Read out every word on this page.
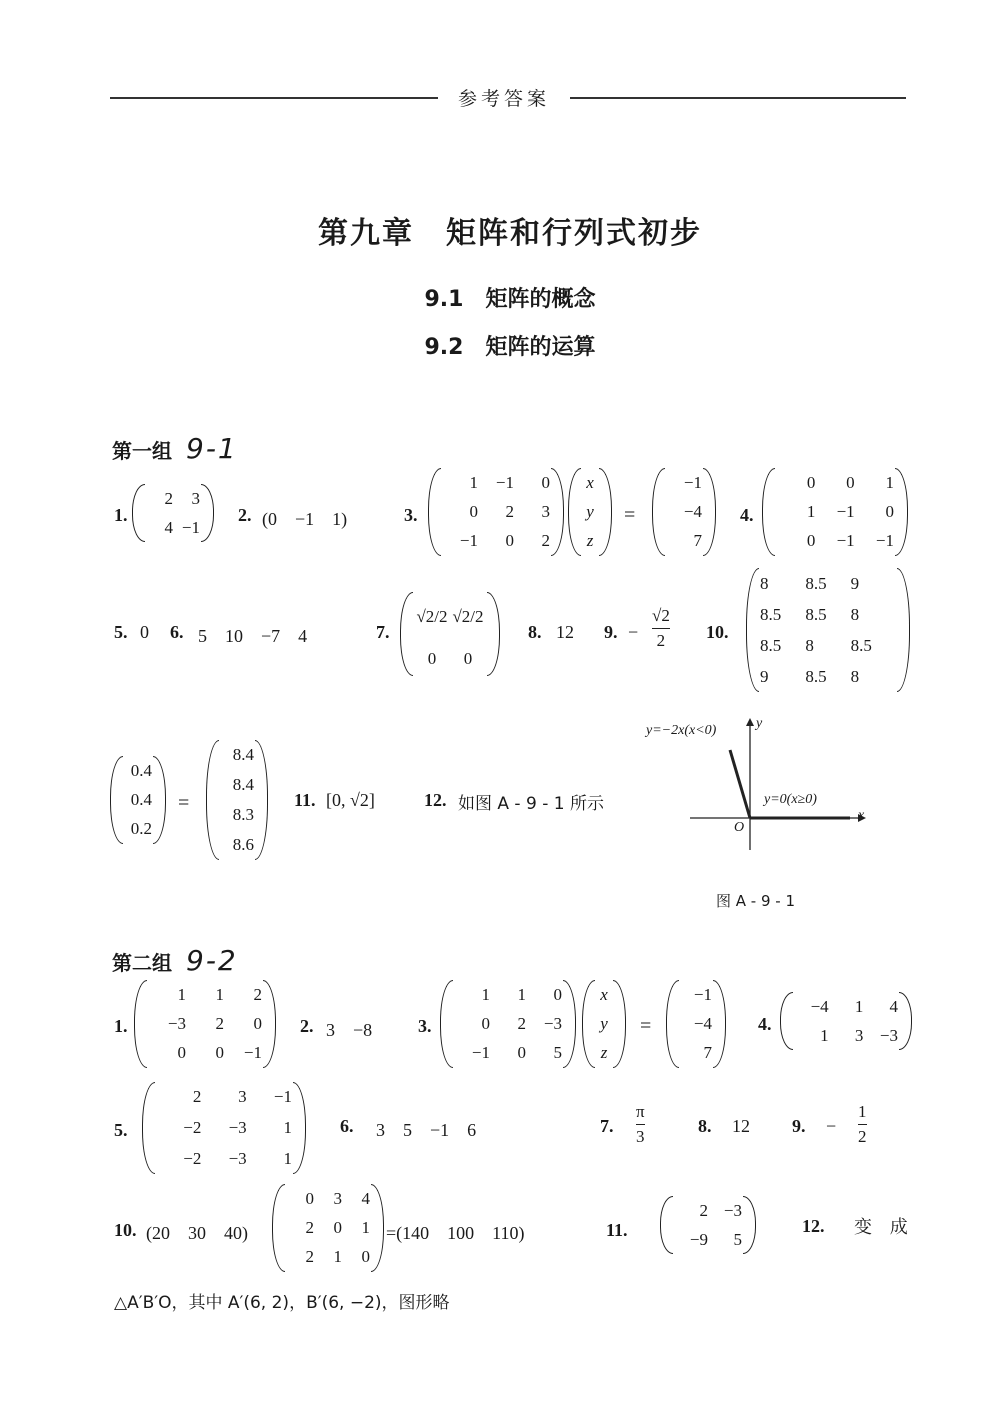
参考答案
第九章　矩阵和行列式初步
9.1　矩阵的概念
9.2　矩阵的运算
第一组 9-1
1.
2 3
4 −1
2. (0　−1　1)	3.
1 −1 0
0 2 3
−1 0 2
x
y
z
=
−1
−4
7
4.
0 0 1
1 −1 0
0 −1 −1
5. 0 6. 5　10　−7　4	7.
√2/2 √2/2
0 0
8. 12 9. −
√2
2 10.
8 8.5 9
8.5 8.5 8
8.5 8 8.5
9 8.5 8
0.4
0.4
0.2
=
8.4
8.4
8.3
8.6
11. [0, √2]	12. 如图 A - 9 - 1 所示
y=−2x(x<0)
y=0(x≥0)
x
y
O
图 A - 9 - 1
第二组 9-2
1.
1 1 2
−3 2 0
0 0 −1
2. 3　−8	3.
1 1 0
0 2 −3
−1 0 5
x
y
z
=
−1
−4
7
4.
−4 1 4
1 3 −3
5.
2 3 −1
−2 −3 1
−2 −3 1
6. 3　5　−1　6	7.
π
3
8. 12 9. −
1
2
10. (20　30　40)
0 3 4
2 0 1
2 1 0
=(140　100　110)	11.
2 −3
−9 5
12. 变 成
△A′B′O，其中 A′(6, 2)，B′(6, −2)，图形略
